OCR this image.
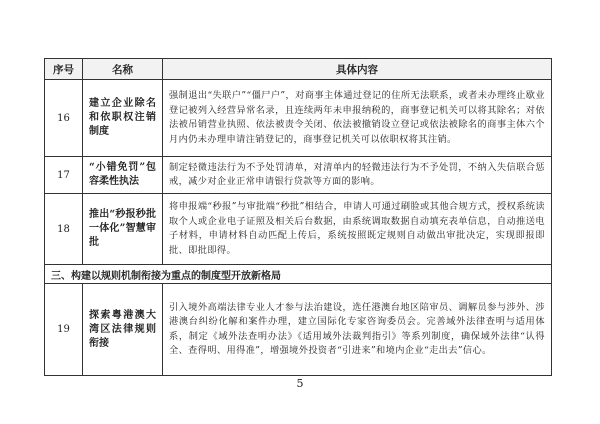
序号	名称	具体内容
16	建立企业除名和依职权注销制度	强制退出“失联户”“僵尸户”，对商事主体通过登记的住所无法联系，或者未办理终止歇业登记被列入经营异常名录，且连续两年未申报纳税的，商事登记机关可以将其除名；对依法被吊销营业执照、依法被责令关闭、依法被撤销设立登记或依法被除名的商事主体六个月内仍未办理申请注销登记的，商事登记机关可以依职权将其注销。
17	“小错免罚”包容柔性执法	制定轻微违法行为不予处罚清单，对清单内的轻微违法行为不予处罚，不纳入失信联合惩戒，减少对企业正常申请银行贷款等方面的影响。
18	推出“秒报秒批一体化”智慧审批	将申报端“秒报”与审批端“秒批”相结合，申请人可通过刷脸或其他合规方式，授权系统读取个人或企业电子证照及相关后台数据，由系统调取数据自动填充表单信息，自动推送电子材料，申请材料自动匹配上传后，系统按照既定规则自动做出审批决定，实现即报即批、即批即得。
三、构建以规则机制衔接为重点的制度型开放新格局		
19	探索粤港澳大湾区法律规则衔接	引入境外高端法律专业人才参与法治建设，选任港澳台地区陪审员、调解员参与涉外、涉港澳台纠纷化解和案件办理，建立国际化专家咨询委员会。完善域外法律查明与适用体系，制定《域外法查明办法》《适用域外法裁判指引》等系列制度，确保域外法律“认得全、查得明、用得准”，增强境外投资者“引进来”和境内企业“走出去”信心。
5
